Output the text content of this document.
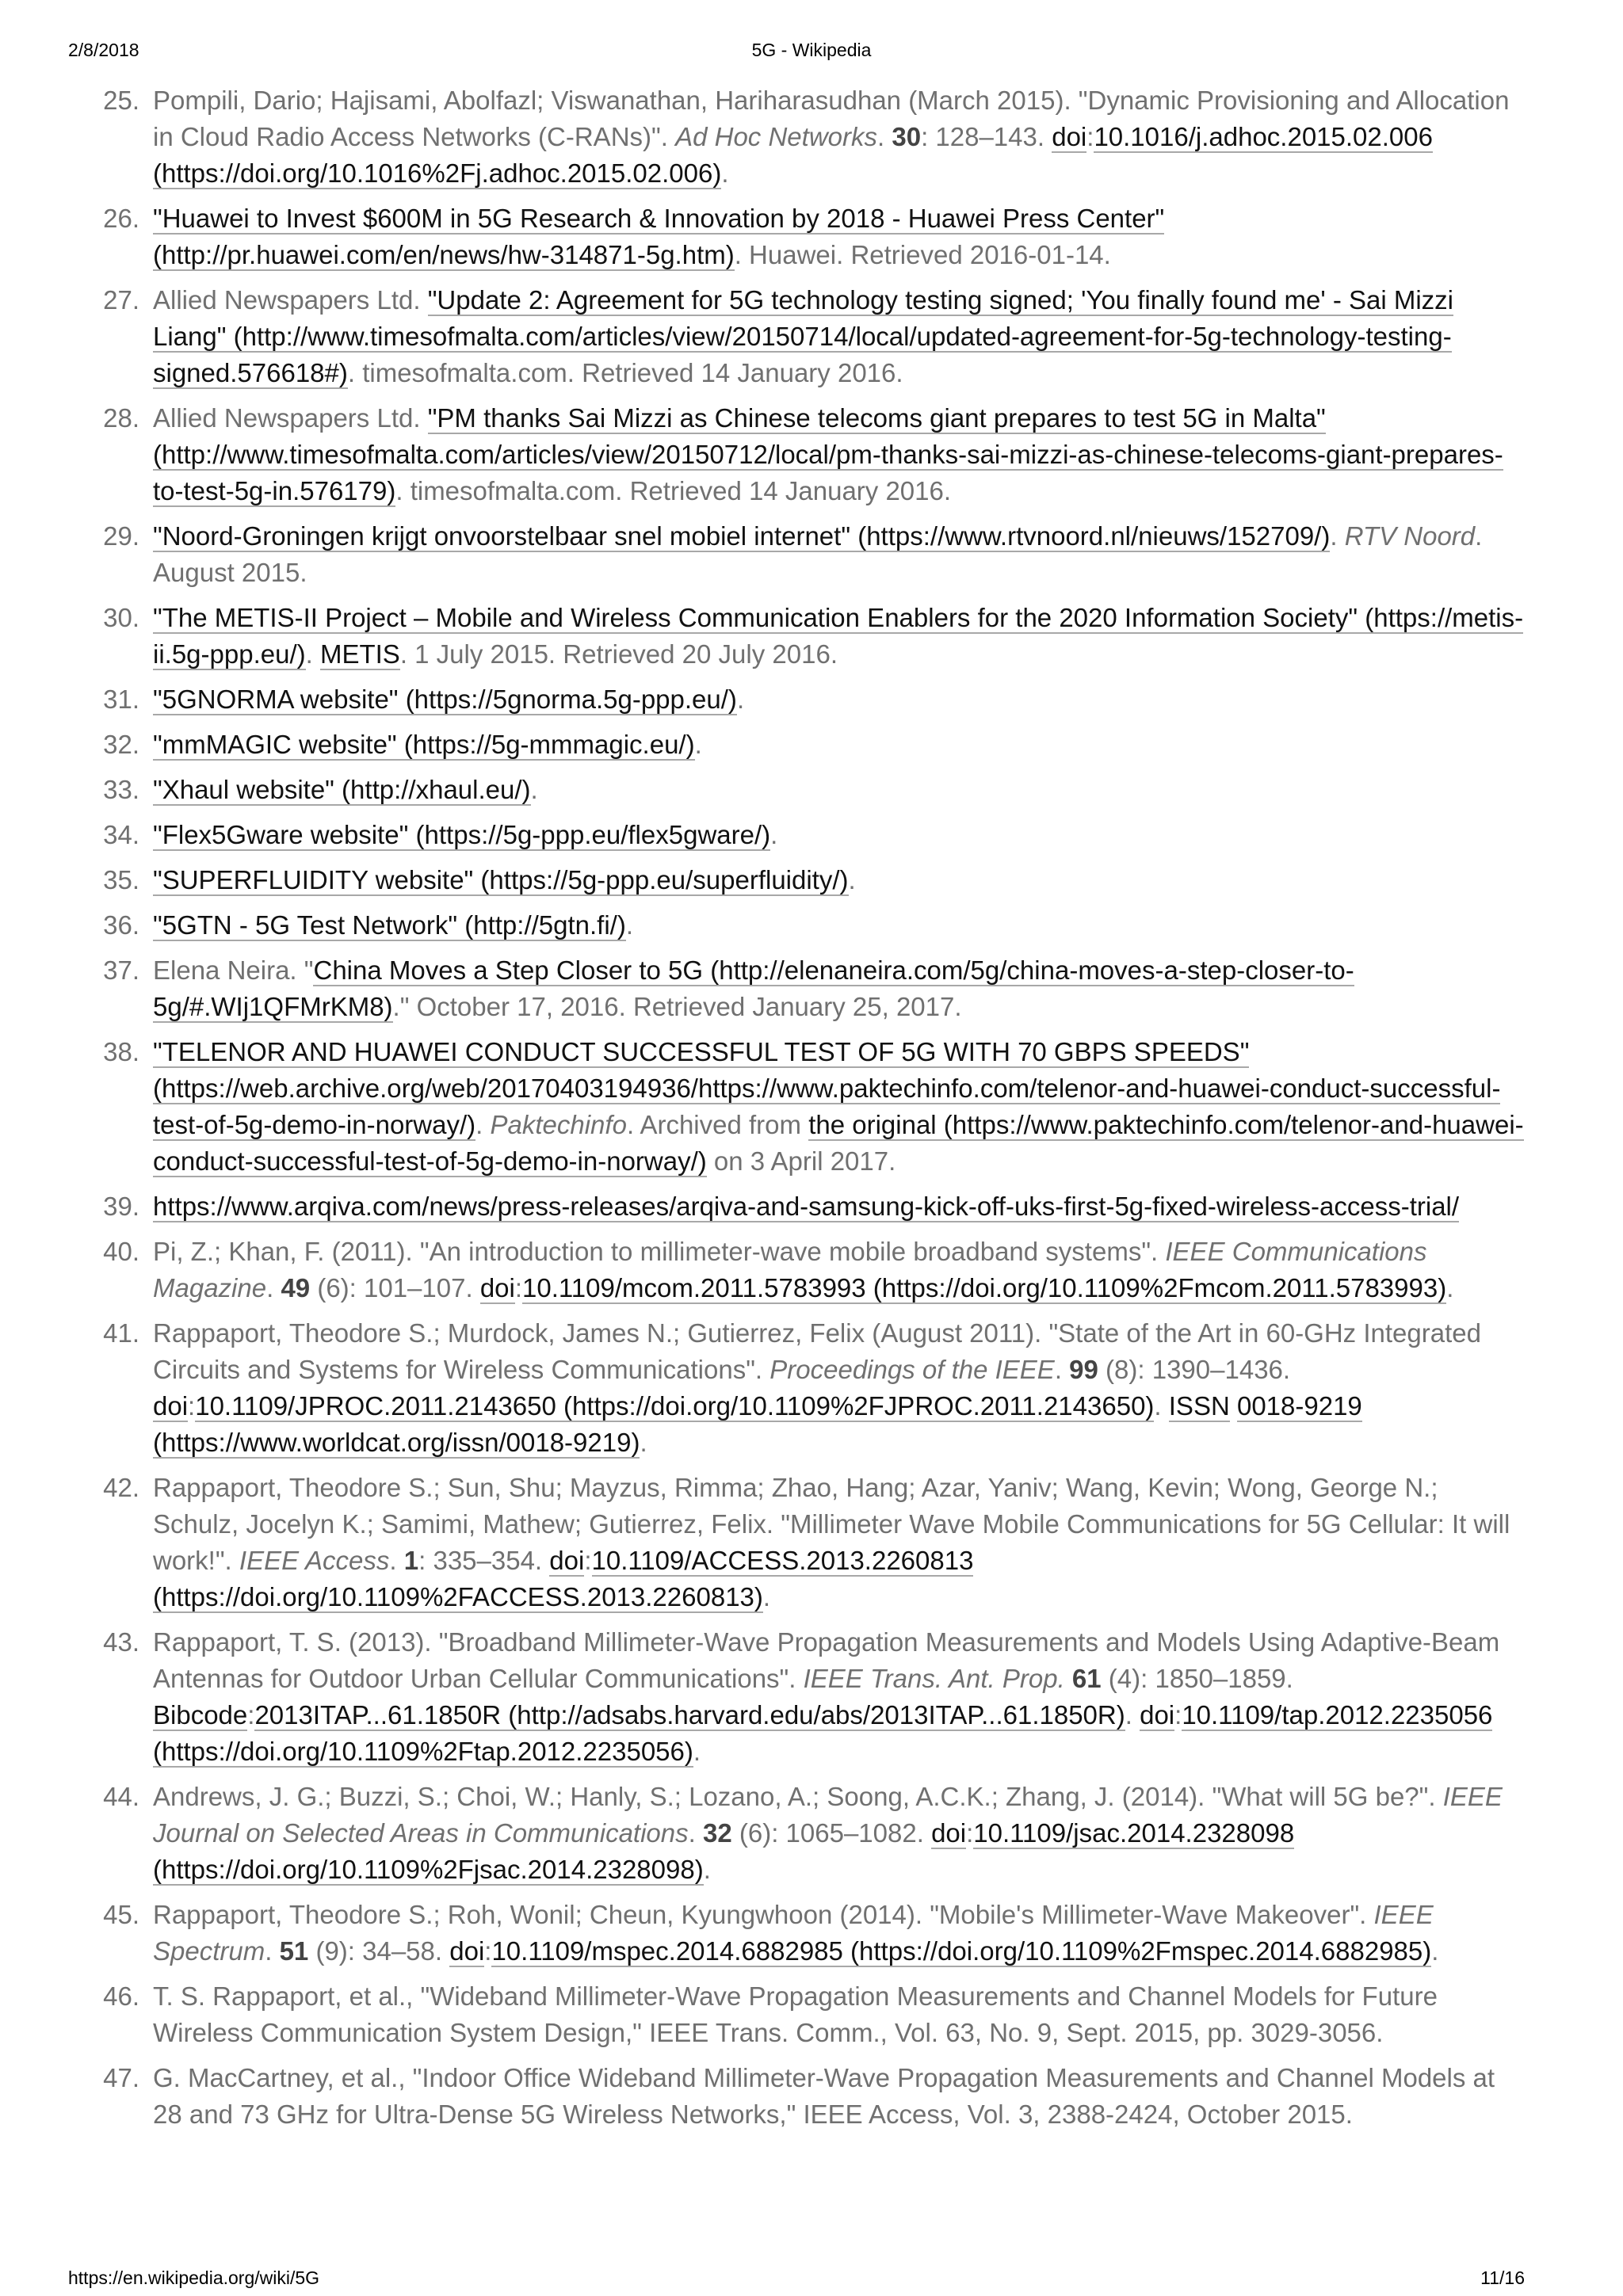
2/8/2018	5G - Wikipedia
25. Pompili, Dario; Hajisami, Abolfazl; Viswanathan, Hariharasudhan (March 2015). "Dynamic Provisioning and Allocation in Cloud Radio Access Networks (C-RANs)". Ad Hoc Networks. 30: 128–143. doi:10.1016/j.adhoc.2015.02.006 (https://doi.org/10.1016%2Fj.adhoc.2015.02.006).
26. "Huawei to Invest $600M in 5G Research & Innovation by 2018 - Huawei Press Center" (http://pr.huawei.com/en/news/hw-314871-5g.htm). Huawei. Retrieved 2016-01-14.
27. Allied Newspapers Ltd. "Update 2: Agreement for 5G technology testing signed; 'You finally found me' - Sai Mizzi Liang" (http://www.timesofmalta.com/articles/view/20150714/local/updated-agreement-for-5g-technology-testing-signed.576618#). timesofmalta.com. Retrieved 14 January 2016.
28. Allied Newspapers Ltd. "PM thanks Sai Mizzi as Chinese telecoms giant prepares to test 5G in Malta" (http://www.timesofmalta.com/articles/view/20150712/local/pm-thanks-sai-mizzi-as-chinese-telecoms-giant-prepares-to-test-5g-in.576179). timesofmalta.com. Retrieved 14 January 2016.
29. "Noord-Groningen krijgt onvoorstelbaar snel mobiel internet" (https://www.rtvnoord.nl/nieuws/152709/). RTV Noord. August 2015.
30. "The METIS-II Project – Mobile and Wireless Communication Enablers for the 2020 Information Society" (https://metis-ii.5g-ppp.eu/). METIS. 1 July 2015. Retrieved 20 July 2016.
31. "5GNORMA website" (https://5gnorma.5g-ppp.eu/).
32. "mmMAGIC website" (https://5g-mmmagic.eu/).
33. "Xhaul website" (http://xhaul.eu/).
34. "Flex5Gware website" (https://5g-ppp.eu/flex5gware/).
35. "SUPERFLUIDITY website" (https://5g-ppp.eu/superfluidity/).
36. "5GTN - 5G Test Network" (http://5gtn.fi/).
37. Elena Neira. "China Moves a Step Closer to 5G (http://elenaneira.com/5g/china-moves-a-step-closer-to-5g/#.WIj1QFMrKM8)." October 17, 2016. Retrieved January 25, 2017.
38. "TELENOR AND HUAWEI CONDUCT SUCCESSFUL TEST OF 5G WITH 70 GBPS SPEEDS" (https://web.archive.org/web/20170403194936/https://www.paktechinfo.com/telenor-and-huawei-conduct-successful-test-of-5g-demo-in-norway/). Paktechinfo. Archived from the original (https://www.paktechinfo.com/telenor-and-huawei-conduct-successful-test-of-5g-demo-in-norway/) on 3 April 2017.
39. https://www.arqiva.com/news/press-releases/arqiva-and-samsung-kick-off-uks-first-5g-fixed-wireless-access-trial/
40. Pi, Z.; Khan, F. (2011). "An introduction to millimeter-wave mobile broadband systems". IEEE Communications Magazine. 49 (6): 101–107. doi:10.1109/mcom.2011.5783993 (https://doi.org/10.1109%2Fmcom.2011.5783993).
41. Rappaport, Theodore S.; Murdock, James N.; Gutierrez, Felix (August 2011). "State of the Art in 60-GHz Integrated Circuits and Systems for Wireless Communications". Proceedings of the IEEE. 99 (8): 1390–1436. doi:10.1109/JPROC.2011.2143650 (https://doi.org/10.1109%2FJPROC.2011.2143650). ISSN 0018-9219 (https://www.worldcat.org/issn/0018-9219).
42. Rappaport, Theodore S.; Sun, Shu; Mayzus, Rimma; Zhao, Hang; Azar, Yaniv; Wang, Kevin; Wong, George N.; Schulz, Jocelyn K.; Samimi, Mathew; Gutierrez, Felix. "Millimeter Wave Mobile Communications for 5G Cellular: It will work!". IEEE Access. 1: 335–354. doi:10.1109/ACCESS.2013.2260813 (https://doi.org/10.1109%2FACCESS.2013.2260813).
43. Rappaport, T. S. (2013). "Broadband Millimeter-Wave Propagation Measurements and Models Using Adaptive-Beam Antennas for Outdoor Urban Cellular Communications". IEEE Trans. Ant. Prop. 61 (4): 1850–1859. Bibcode:2013ITAP...61.1850R (http://adsabs.harvard.edu/abs/2013ITAP...61.1850R). doi:10.1109/tap.2012.2235056 (https://doi.org/10.1109%2Ftap.2012.2235056).
44. Andrews, J. G.; Buzzi, S.; Choi, W.; Hanly, S.; Lozano, A.; Soong, A.C.K.; Zhang, J. (2014). "What will 5G be?". IEEE Journal on Selected Areas in Communications. 32 (6): 1065–1082. doi:10.1109/jsac.2014.2328098 (https://doi.org/10.1109%2Fjsac.2014.2328098).
45. Rappaport, Theodore S.; Roh, Wonil; Cheun, Kyungwhoon (2014). "Mobile's Millimeter-Wave Makeover". IEEE Spectrum. 51 (9): 34–58. doi:10.1109/mspec.2014.6882985 (https://doi.org/10.1109%2Fmspec.2014.6882985).
46. T. S. Rappaport, et al., "Wideband Millimeter-Wave Propagation Measurements and Channel Models for Future Wireless Communication System Design," IEEE Trans. Comm., Vol. 63, No. 9, Sept. 2015, pp. 3029-3056.
47. G. MacCartney, et al., "Indoor Office Wideband Millimeter-Wave Propagation Measurements and Channel Models at 28 and 73 GHz for Ultra-Dense 5G Wireless Networks," IEEE Access, Vol. 3, 2388-2424, October 2015.
https://en.wikipedia.org/wiki/5G	11/16
